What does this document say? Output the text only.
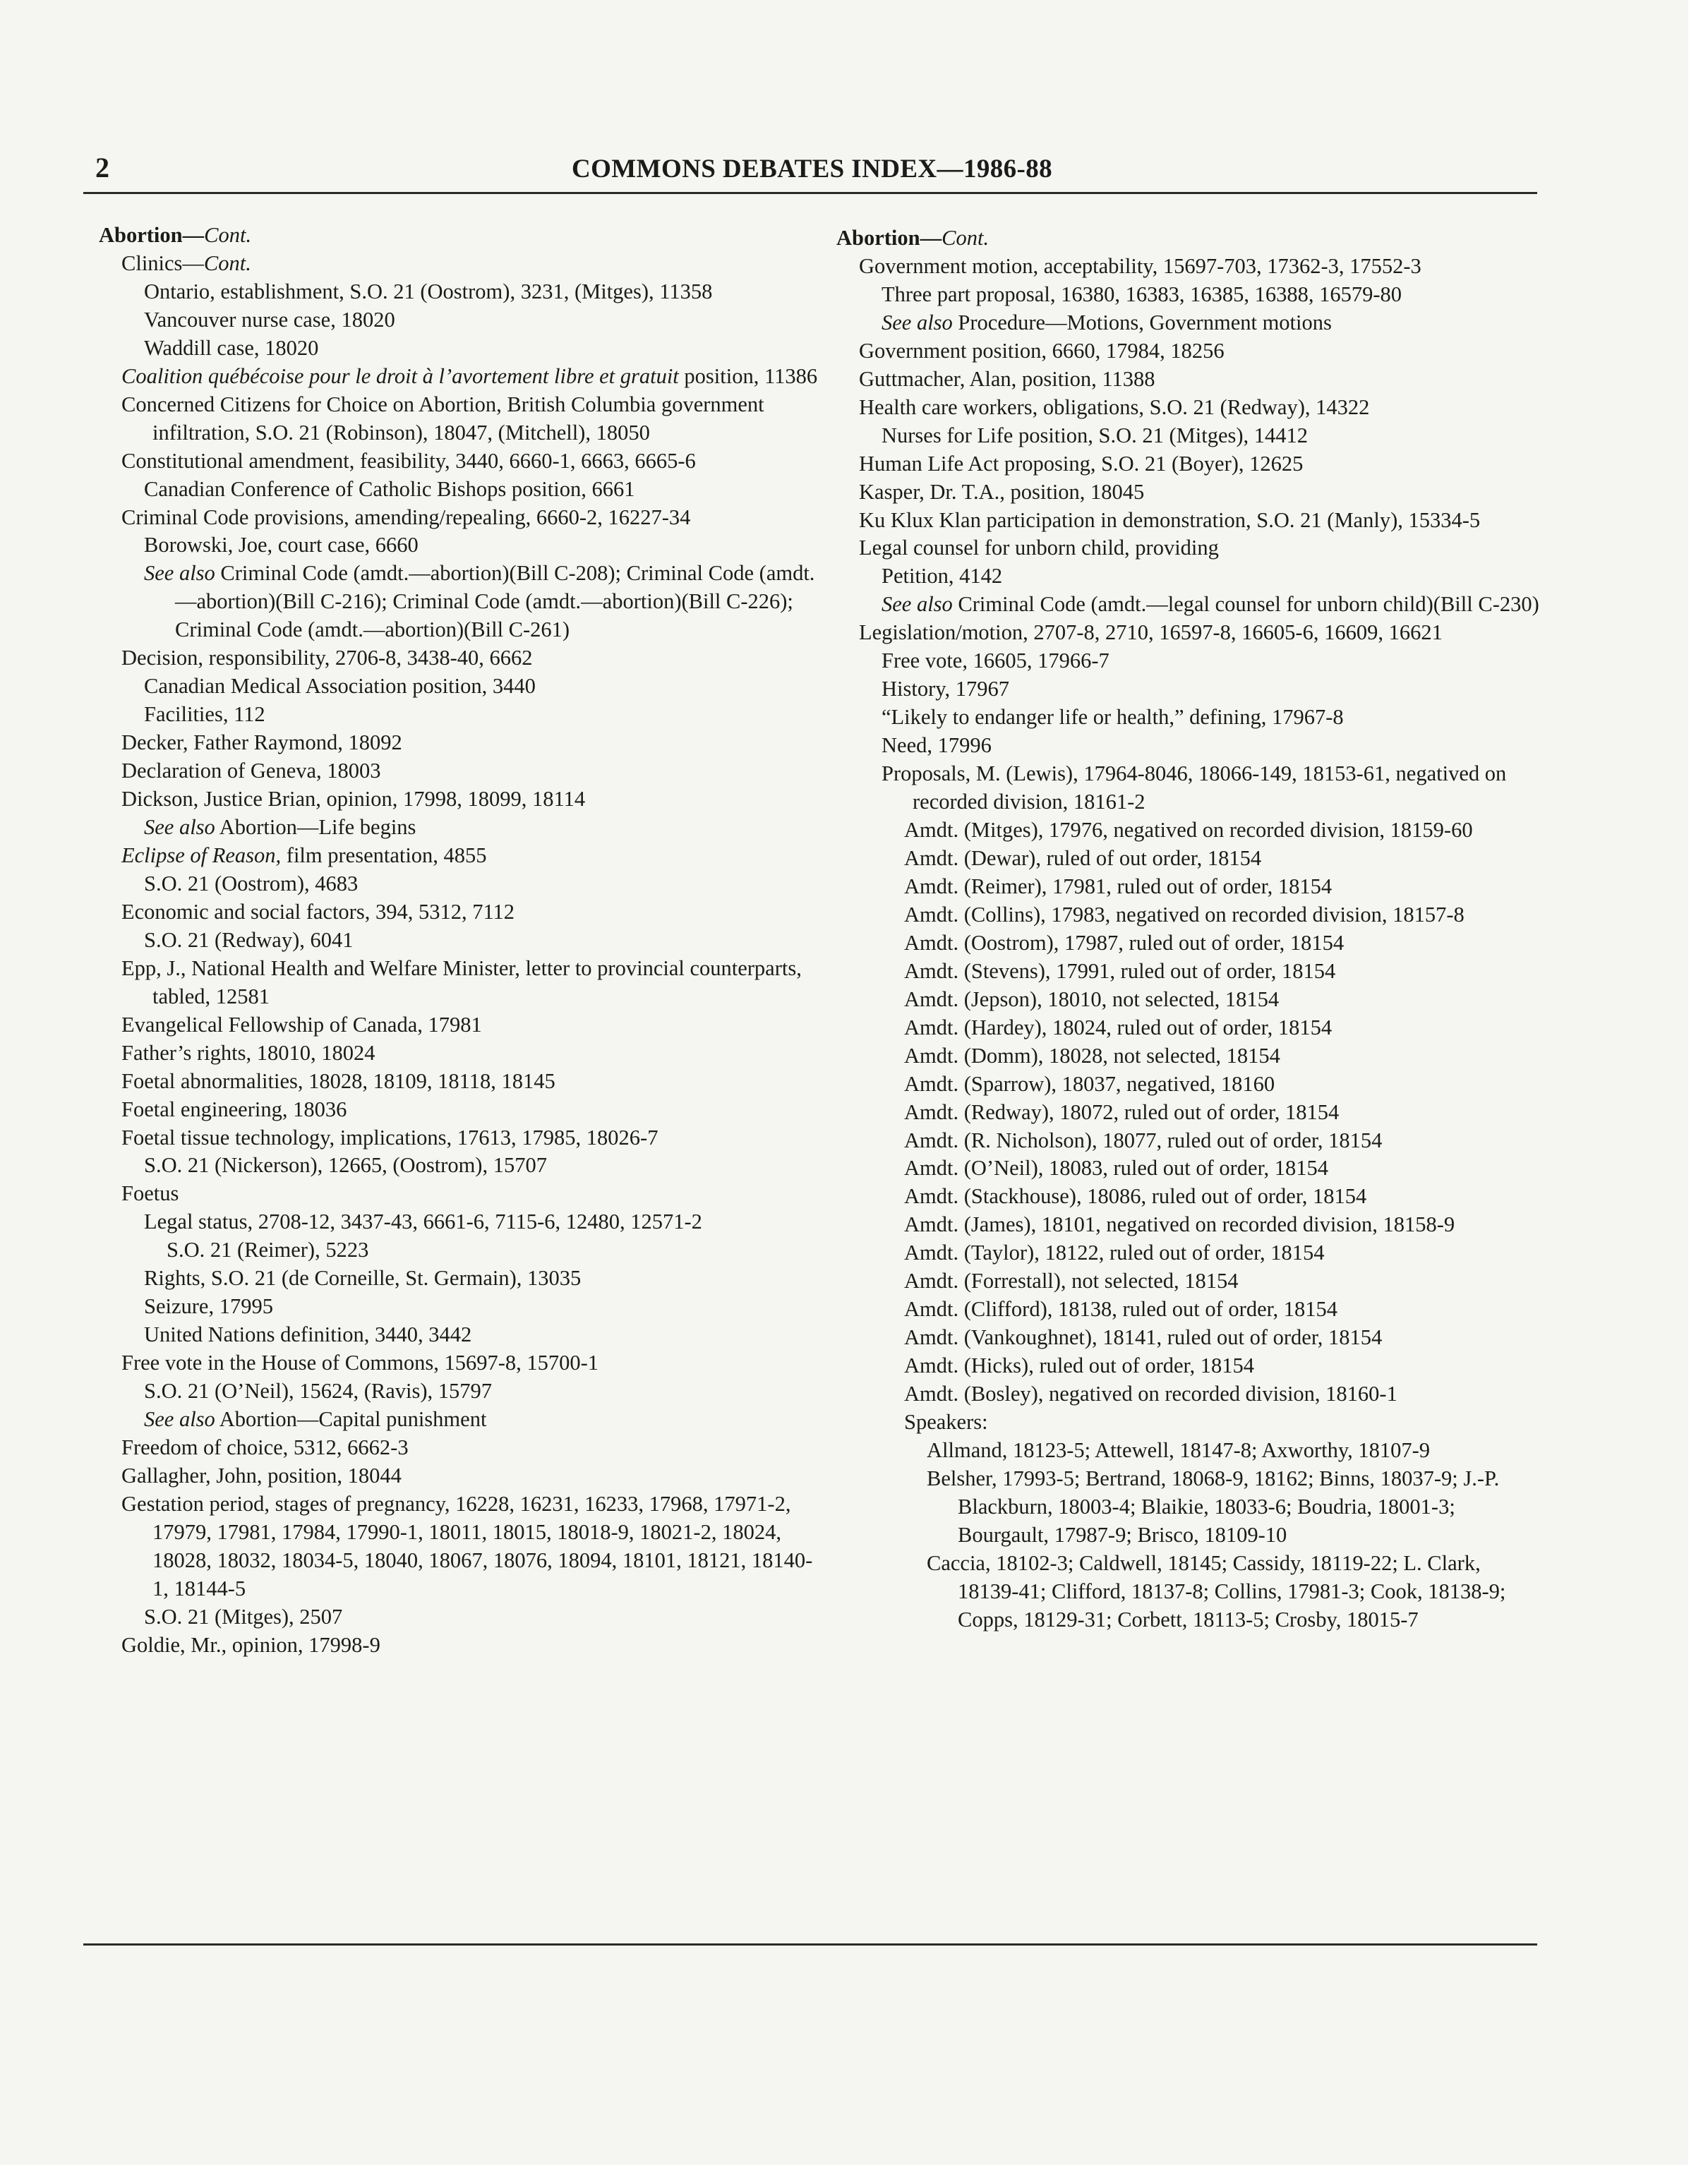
2	COMMONS DEBATES INDEX—1986-88
Abortion—Cont.
Clinics—Cont.
Ontario, establishment, S.O. 21 (Oostrom), 3231, (Mitges), 11358
Vancouver nurse case, 18020
Waddill case, 18020
Coalition québécoise pour le droit à l’avortement libre et gratuit position, 11386
Concerned Citizens for Choice on Abortion, British Columbia government infiltration, S.O. 21 (Robinson), 18047, (Mitchell), 18050
Constitutional amendment, feasibility, 3440, 6660-1, 6663, 6665-6
Canadian Conference of Catholic Bishops position, 6661
Criminal Code provisions, amending/repealing, 6660-2, 16227-34
Borowski, Joe, court case, 6660
See also Criminal Code (amdt.—abortion)(Bill C-208); Criminal Code (amdt.—abortion)(Bill C-216); Criminal Code (amdt.—abortion)(Bill C-226); Criminal Code (amdt.—abortion)(Bill C-261)
Decision, responsibility, 2706-8, 3438-40, 6662
Canadian Medical Association position, 3440
Facilities, 112
Decker, Father Raymond, 18092
Declaration of Geneva, 18003
Dickson, Justice Brian, opinion, 17998, 18099, 18114
See also Abortion—Life begins
Eclipse of Reason, film presentation, 4855
S.O. 21 (Oostrom), 4683
Economic and social factors, 394, 5312, 7112
S.O. 21 (Redway), 6041
Epp, J., National Health and Welfare Minister, letter to provincial counterparts, tabled, 12581
Evangelical Fellowship of Canada, 17981
Father’s rights, 18010, 18024
Foetal abnormalities, 18028, 18109, 18118, 18145
Foetal engineering, 18036
Foetal tissue technology, implications, 17613, 17985, 18026-7
S.O. 21 (Nickerson), 12665, (Oostrom), 15707
Foetus
Legal status, 2708-12, 3437-43, 6661-6, 7115-6, 12480, 12571-2
S.O. 21 (Reimer), 5223
Rights, S.O. 21 (de Corneille, St. Germain), 13035
Seizure, 17995
United Nations definition, 3440, 3442
Free vote in the House of Commons, 15697-8, 15700-1
S.O. 21 (O’Neil), 15624, (Ravis), 15797
See also Abortion—Capital punishment
Freedom of choice, 5312, 6662-3
Gallagher, John, position, 18044
Gestation period, stages of pregnancy, 16228, 16231, 16233, 17968, 17971-2, 17979, 17981, 17984, 17990-1, 18011, 18015, 18018-9, 18021-2, 18024, 18028, 18032, 18034-5, 18040, 18067, 18076, 18094, 18101, 18121, 18140-1, 18144-5
S.O. 21 (Mitges), 2507
Goldie, Mr., opinion, 17998-9
Abortion—Cont.
Government motion, acceptability, 15697-703, 17362-3, 17552-3
Three part proposal, 16380, 16383, 16385, 16388, 16579-80
See also Procedure—Motions, Government motions
Government position, 6660, 17984, 18256
Guttmacher, Alan, position, 11388
Health care workers, obligations, S.O. 21 (Redway), 14322
Nurses for Life position, S.O. 21 (Mitges), 14412
Human Life Act proposing, S.O. 21 (Boyer), 12625
Kasper, Dr. T.A., position, 18045
Ku Klux Klan participation in demonstration, S.O. 21 (Manly), 15334-5
Legal counsel for unborn child, providing
Petition, 4142
See also Criminal Code (amdt.—legal counsel for unborn child)(Bill C-230)
Legislation/motion, 2707-8, 2710, 16597-8, 16605-6, 16609, 16621
Free vote, 16605, 17966-7
History, 17967
“Likely to endanger life or health,” defining, 17967-8
Need, 17996
Proposals, M. (Lewis), 17964-8046, 18066-149, 18153-61, negatived on recorded division, 18161-2
Amdt. (Mitges), 17976, negatived on recorded division, 18159-60
Amdt. (Dewar), ruled of out order, 18154
Amdt. (Reimer), 17981, ruled out of order, 18154
Amdt. (Collins), 17983, negatived on recorded division, 18157-8
Amdt. (Oostrom), 17987, ruled out of order, 18154
Amdt. (Stevens), 17991, ruled out of order, 18154
Amdt. (Jepson), 18010, not selected, 18154
Amdt. (Hardey), 18024, ruled out of order, 18154
Amdt. (Domm), 18028, not selected, 18154
Amdt. (Sparrow), 18037, negatived, 18160
Amdt. (Redway), 18072, ruled out of order, 18154
Amdt. (R. Nicholson), 18077, ruled out of order, 18154
Amdt. (O’Neil), 18083, ruled out of order, 18154
Amdt. (Stackhouse), 18086, ruled out of order, 18154
Amdt. (James), 18101, negatived on recorded division, 18158-9
Amdt. (Taylor), 18122, ruled out of order, 18154
Amdt. (Forrestall), not selected, 18154
Amdt. (Clifford), 18138, ruled out of order, 18154
Amdt. (Vankoughnet), 18141, ruled out of order, 18154
Amdt. (Hicks), ruled out of order, 18154
Amdt. (Bosley), negatived on recorded division, 18160-1
Speakers:
Allmand, 18123-5; Attewell, 18147-8; Axworthy, 18107-9
Belsher, 17993-5; Bertrand, 18068-9, 18162; Binns, 18037-9; J.-P. Blackburn, 18003-4; Blaikie, 18033-6; Boudria, 18001-3; Bourgault, 17987-9; Brisco, 18109-10
Caccia, 18102-3; Caldwell, 18145; Cassidy, 18119-22; L. Clark, 18139-41; Clifford, 18137-8; Collins, 17981-3; Cook, 18138-9; Copps, 18129-31; Corbett, 18113-5; Crosby, 18015-7
